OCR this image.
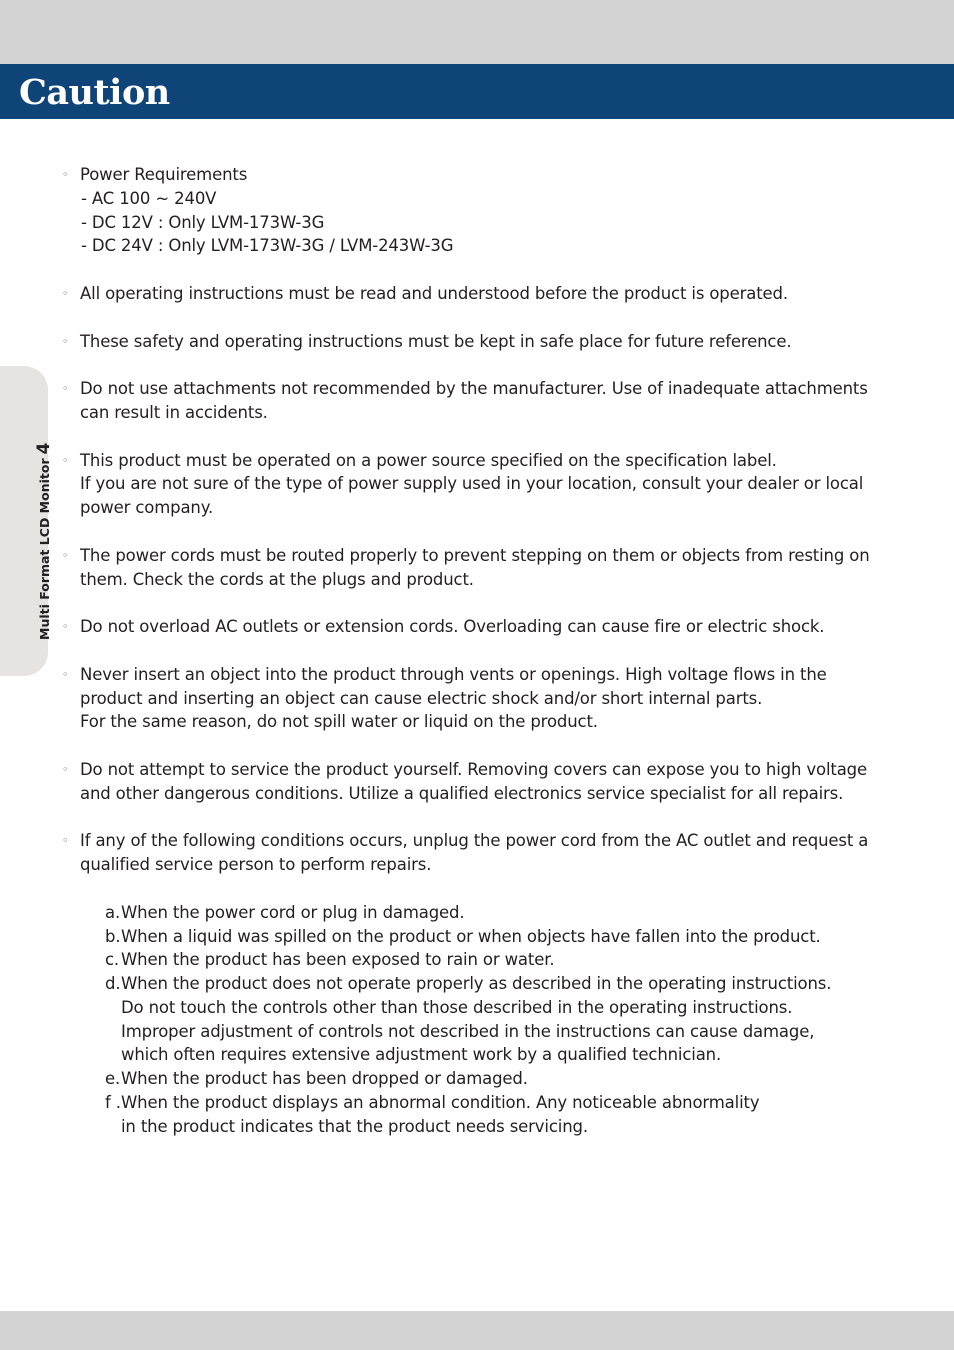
Caution
Multi Format LCD Monitor4
◦ Power Requirements
- AC 100 ~ 240V
- DC 12V : Only LVM-173W-3G
- DC 24V : Only LVM-173W-3G / LVM-243W-3G
◦ All operating instructions must be read and understood before the product is operated.
◦ These safety and operating instructions must be kept in safe place for future reference.
◦ Do not use attachments not recommended by the manufacturer. Use of inadequate attachments
can result in accidents.
◦ This product must be operated on a power source specified on the specification label.
If you are not sure of the type of power supply used in your location, consult your dealer or local
power company.
◦ The power cords must be routed properly to prevent stepping on them or objects from resting on
them. Check the cords at the plugs and product.
◦ Do not overload AC outlets or extension cords. Overloading can cause fire or electric shock.
◦ Never insert an object into the product through vents or openings. High voltage flows in the
product and inserting an object can cause electric shock and/or short internal parts.
For the same reason, do not spill water or liquid on the product.
◦ Do not attempt to service the product yourself. Removing covers can expose you to high voltage
and other dangerous conditions. Utilize a qualified electronics service specialist for all repairs.
◦ If any of the following conditions occurs, unplug the power cord from the AC outlet and request a
qualified service person to perform repairs.
a. When the power cord or plug in damaged.
b. When a liquid was spilled on the product or when objects have fallen into the product.
c. When the product has been exposed to rain or water.
d. When the product does not operate properly as described in the operating instructions.
Do not touch the controls other than those described in the operating instructions.
Improper adjustment of controls not described in the instructions can cause damage,
which often requires extensive adjustment work by a qualified technician.
e. When the product has been dropped or damaged.
f . When the product displays an abnormal condition. Any noticeable abnormality
in the product indicates that the product needs servicing.
